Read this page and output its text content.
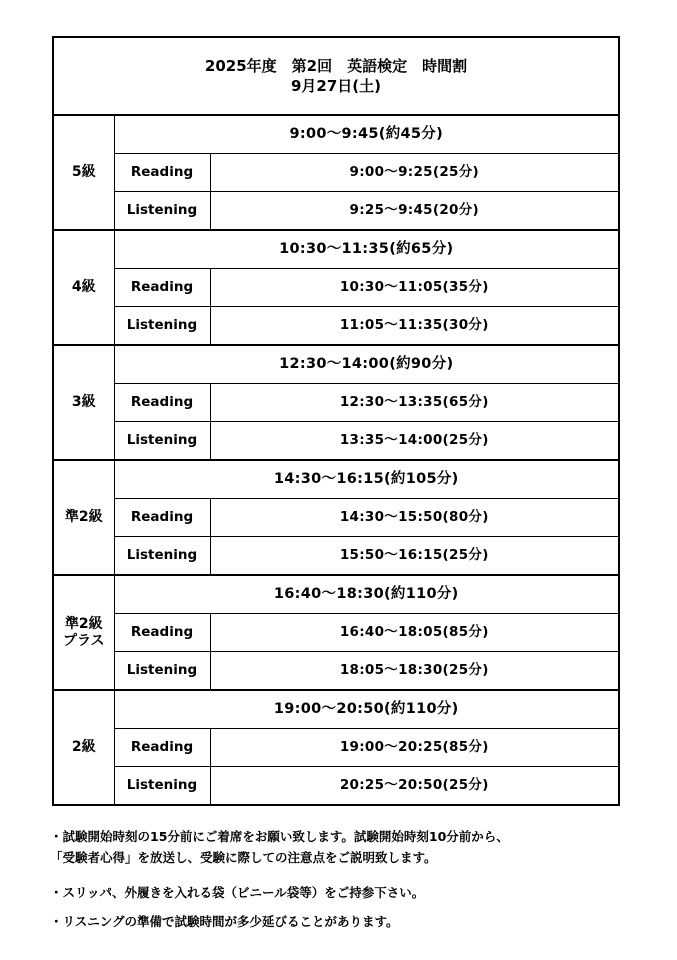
2025年度　第2回　英語検定　時間割
9月27日(土)		

5級	9:00～9:45(約45分)	
	Reading	9:00～9:25(25分)
	Listening	9:25～9:45(20分)

4級	10:30～11:35(約65分)	
	Reading	10:30～11:05(35分)
	Listening	11:05～11:35(30分)

3級	12:30～14:00(約90分)	
	Reading	12:30～13:35(65分)
	Listening	13:35～14:00(25分)

準2級	14:30～16:15(約105分)	
	Reading	14:30～15:50(80分)
	Listening	15:50～16:15(25分)

準2級
プラス	16:40～18:30(約110分)	
	Reading	16:40～18:05(85分)
	Listening	18:05～18:30(25分)

2級	19:00～20:50(約110分)	
	Reading	19:00～20:25(85分)
	Listening	20:25～20:50(25分)
・試験開始時刻の15分前にご着席をお願い致します。試験開始時刻10分前から、
「受験者心得」を放送し、受験に際しての注意点をご説明致します。
・スリッパ、外履きを入れる袋（ビニール袋等）をご持参下さい。
・リスニングの準備で試験時間が多少延びることがあります。
